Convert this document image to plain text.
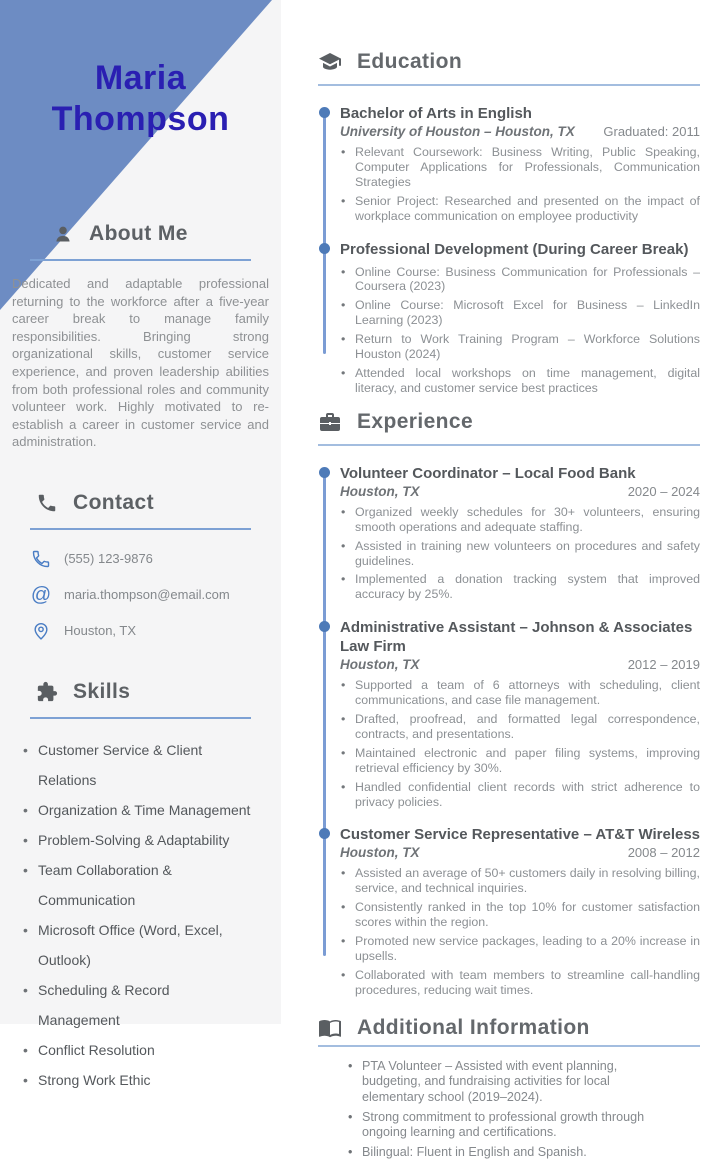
Maria
Thompson
About Me

Dedicated and adaptable professional returning to the workforce after a five-year career break to manage family responsibilities. Bringing strong organizational skills, customer service experience, and proven leadership abilities from both professional roles and community volunteer work. Highly motivated to re-establish a career in customer service and administration.

Contact
(555) 123-9876
@ maria.thompson@email.com
Houston, TX
Skills
• Customer Service & Client Relations
• Organization & Time Management
• Problem-Solving & Adaptability
• Team Collaboration & Communication
• Microsoft Office (Word, Excel, Outlook)
• Scheduling & Record Management
• Conflict Resolution
• Strong Work Ethic
Education
Bachelor of Arts in English
University of Houston – Houston, TX Graduated: 2011
• Relevant Coursework: Business Writing, Public Speaking, Computer Applications for Professionals, Communication Strategies
• Senior Project: Researched and presented on the impact of workplace communication on employee productivity
Professional Development (During Career Break)
• Online Course: Business Communication for Professionals – Coursera (2023)
• Online Course: Microsoft Excel for Business – LinkedIn Learning (2023)
• Return to Work Training Program – Workforce Solutions Houston (2024)
• Attended local workshops on time management, digital literacy, and customer service best practices
Experience
Volunteer Coordinator – Local Food Bank
Houston, TX	2020 – 2024
• Organized weekly schedules for 30+ volunteers, ensuring smooth operations and adequate staffing.
• Assisted in training new volunteers on procedures and safety guidelines.
• Implemented a donation tracking system that improved accuracy by 25%.
Administrative Assistant – Johnson & Associates Law Firm
Houston, TX	2012 – 2019
• Supported a team of 6 attorneys with scheduling, client communications, and case file management.
• Drafted, proofread, and formatted legal correspondence, contracts, and presentations.
• Maintained electronic and paper filing systems, improving retrieval efficiency by 30%.
• Handled confidential client records with strict adherence to privacy policies.
Customer Service Representative – AT&T Wireless
Houston, TX	2008 – 2012
• Assisted an average of 50+ customers daily in resolving billing, service, and technical inquiries.
• Consistently ranked in the top 10% for customer satisfaction scores within the region.
• Promoted new service packages, leading to a 20% increase in upsells.
• Collaborated with team members to streamline call-handling procedures, reducing wait times.
Additional Information
• PTA Volunteer – Assisted with event planning, budgeting, and fundraising activities for local elementary school (2019–2024).
• Strong commitment to professional growth through ongoing learning and certifications.
• Bilingual: Fluent in English and Spanish.
